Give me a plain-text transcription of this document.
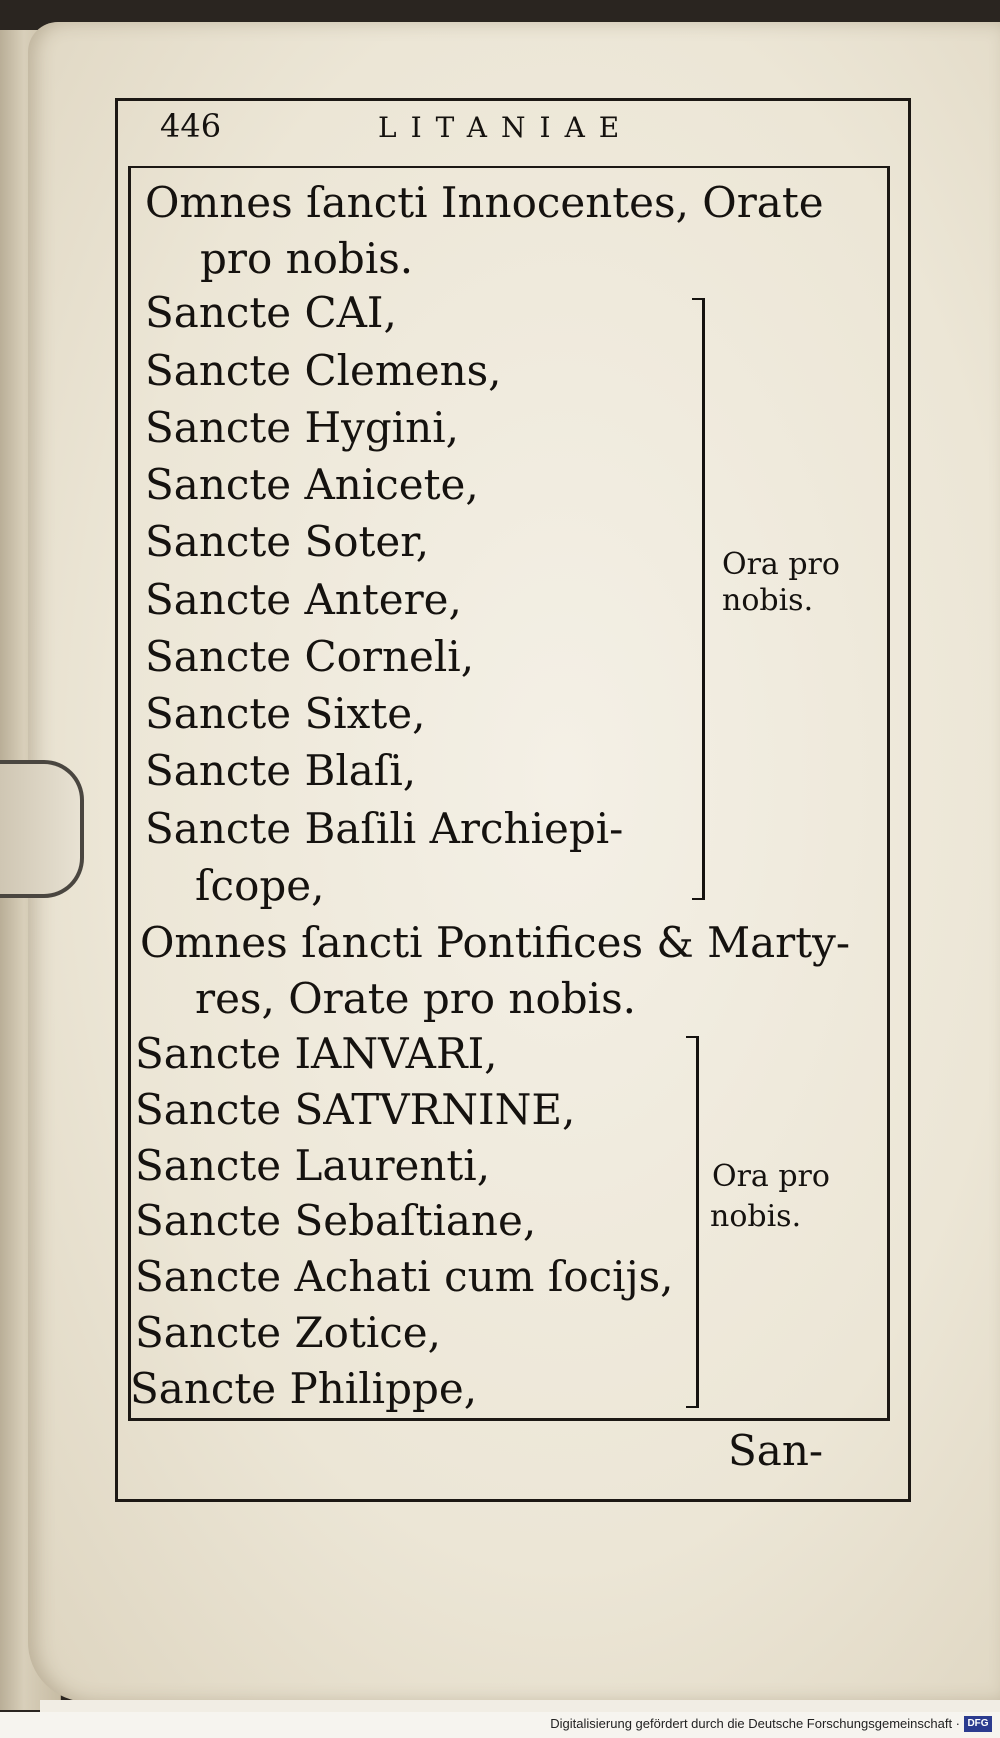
446	LITANIAE
Omnes ſancti Innocentes, Orate
pro nobis.
Sancte CAI,
Sancte Clemens,
Sancte Hygini,
Sancte Anicete,
Sancte Soter,
Sancte Antere,
Sancte Corneli,
Sancte Sixte,
Sancte Blaſi,
Sancte Baſili Archiepi-
ſcope,
Ora pro
nobis.
Omnes ſancti Pontifices & Marty-
res, Orate pro nobis.
Sancte IANVARI,
Sancte SATVRNINE,
Sancte Laurenti,
Sancte Sebaſtiane,
Sancte Achati cum ſocijs,
Sancte Zotice,
Sancte Philippe,
Ora pro
nobis.
San-
Digitalisierung gefördert durch die Deutsche Forschungsgemeinschaft · DFG
